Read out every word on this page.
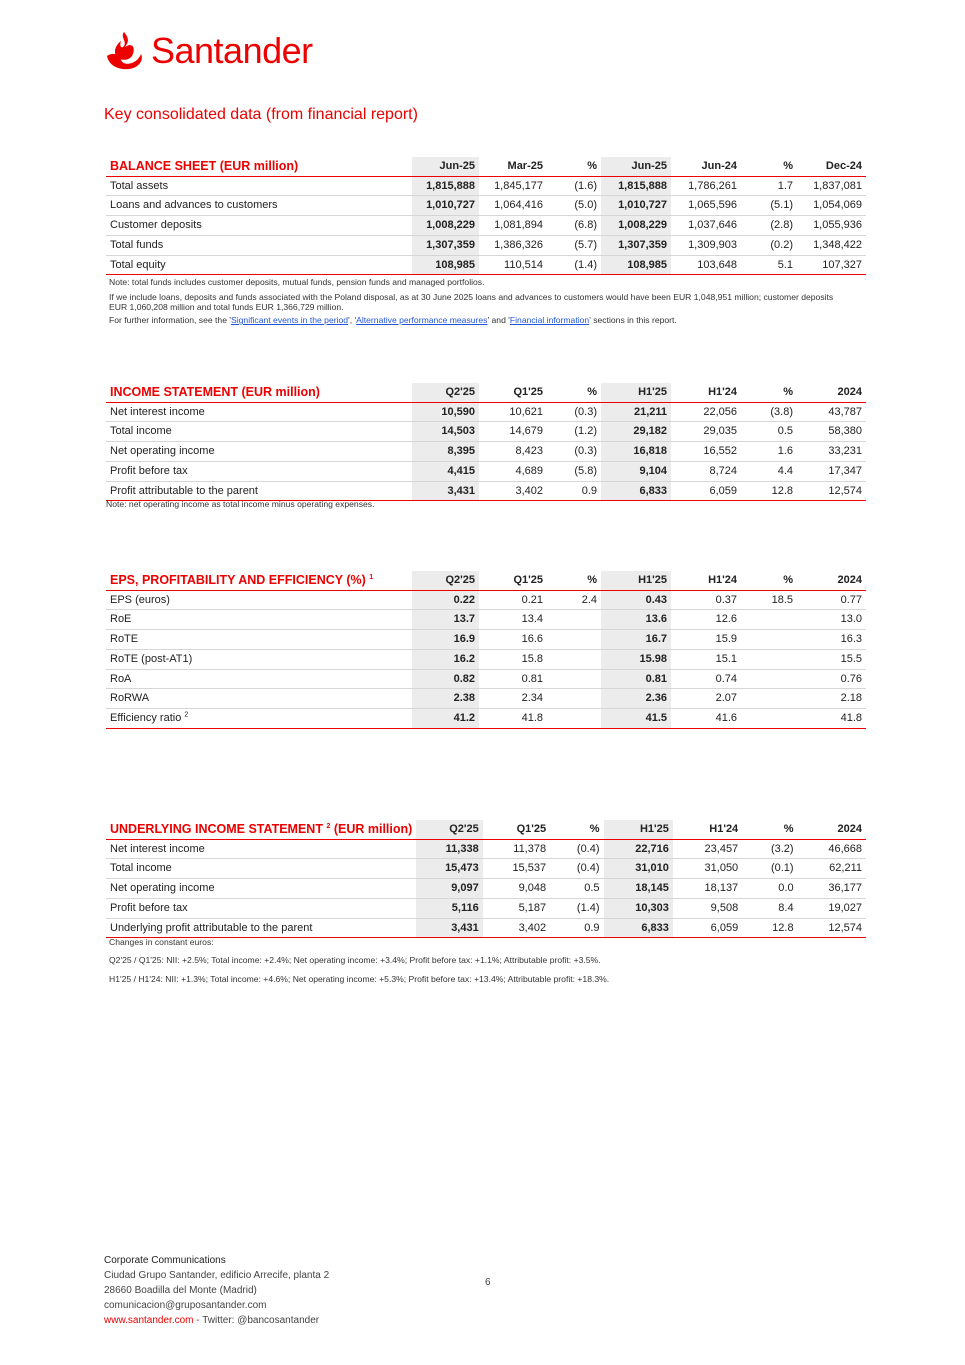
Santander
Key consolidated data (from financial report)
BALANCE SHEET (EUR million)	Jun-25	Mar-25	%	Jun-25	Jun-24	%	Dec-24
Total assets	1,815,888	1,845,177	(1.6)	1,815,888	1,786,261	1.7	1,837,081
Loans and advances to customers	1,010,727	1,064,416	(5.0)	1,010,727	1,065,596	(5.1)	1,054,069
Customer deposits	1,008,229	1,081,894	(6.8)	1,008,229	1,037,646	(2.8)	1,055,936
Total funds	1,307,359	1,386,326	(5.7)	1,307,359	1,309,903	(0.2)	1,348,422
Total equity	108,985	110,514	(1.4)	108,985	103,648	5.1	107,327
Note: total funds includes customer deposits, mutual funds, pension funds and managed portfolios.
If we include loans, deposits and funds associated with the Poland disposal, as at 30 June 2025 loans and advances to customers would have been EUR 1,048,951 million; customer deposits EUR 1,060,208 million and total funds EUR 1,366,729 million.
For further information, see the 'Significant events in the period', 'Alternative performance measures' and 'Financial information' sections in this report.
INCOME STATEMENT (EUR million)	Q2'25	Q1'25	%	H1'25	H1'24	%	2024
Net interest income	10,590	10,621	(0.3)	21,211	22,056	(3.8)	43,787
Total income	14,503	14,679	(1.2)	29,182	29,035	0.5	58,380
Net operating income	8,395	8,423	(0.3)	16,818	16,552	1.6	33,231
Profit before tax	4,415	4,689	(5.8)	9,104	8,724	4.4	17,347
Profit attributable to the parent	3,431	3,402	0.9	6,833	6,059	12.8	12,574
Note: net operating income as total income minus operating expenses.
EPS, PROFITABILITY AND EFFICIENCY (%) $^1$	Q2'25	Q1'25	%	H1'25	H1'24	%	2024
EPS (euros)	0.22	0.21	2.4	0.43	0.37	18.5	0.77
RoE	13.7	13.4		13.6	12.6		13.0
RoTE	16.9	16.6		16.7	15.9		16.3
RoTE (post-AT1)	16.2	15.8		15.98	15.1		15.5
RoA	0.82	0.81		0.81	0.74		0.76
RoRWA	2.38	2.34		2.36	2.07		2.18
Efficiency ratio $^2$	41.2	41.8		41.5	41.6		41.8
UNDERLYING INCOME STATEMENT $^2$ (EUR million)	Q2'25	Q1'25	%	H1'25	H1'24	%	2024
Net interest income	11,338	11,378	(0.4)	22,716	23,457	(3.2)	46,668
Total income	15,473	15,537	(0.4)	31,010	31,050	(0.1)	62,211
Net operating income	9,097	9,048	0.5	18,145	18,137	0.0	36,177
Profit before tax	5,116	5,187	(1.4)	10,303	9,508	8.4	19,027
Underlying profit attributable to the parent	3,431	3,402	0.9	6,833	6,059	12.8	12,574
Changes in constant euros:
Q2'25 / Q1'25: NII: +2.5%; Total income: +2.4%; Net operating income: +3.4%; Profit before tax: +1.1%; Attributable profit: +3.5%.
H1'25 / H1'24: NII: +1.3%; Total income: +4.6%; Net operating income: +5.3%; Profit before tax: +13.4%; Attributable profit: +18.3%.
Corporate Communications
Ciudad Grupo Santander, edificio Arrecife, planta 2
28660 Boadilla del Monte (Madrid)
comunicacion@gruposantander.com
www.santander.com - Twitter: @bancosantander
6
